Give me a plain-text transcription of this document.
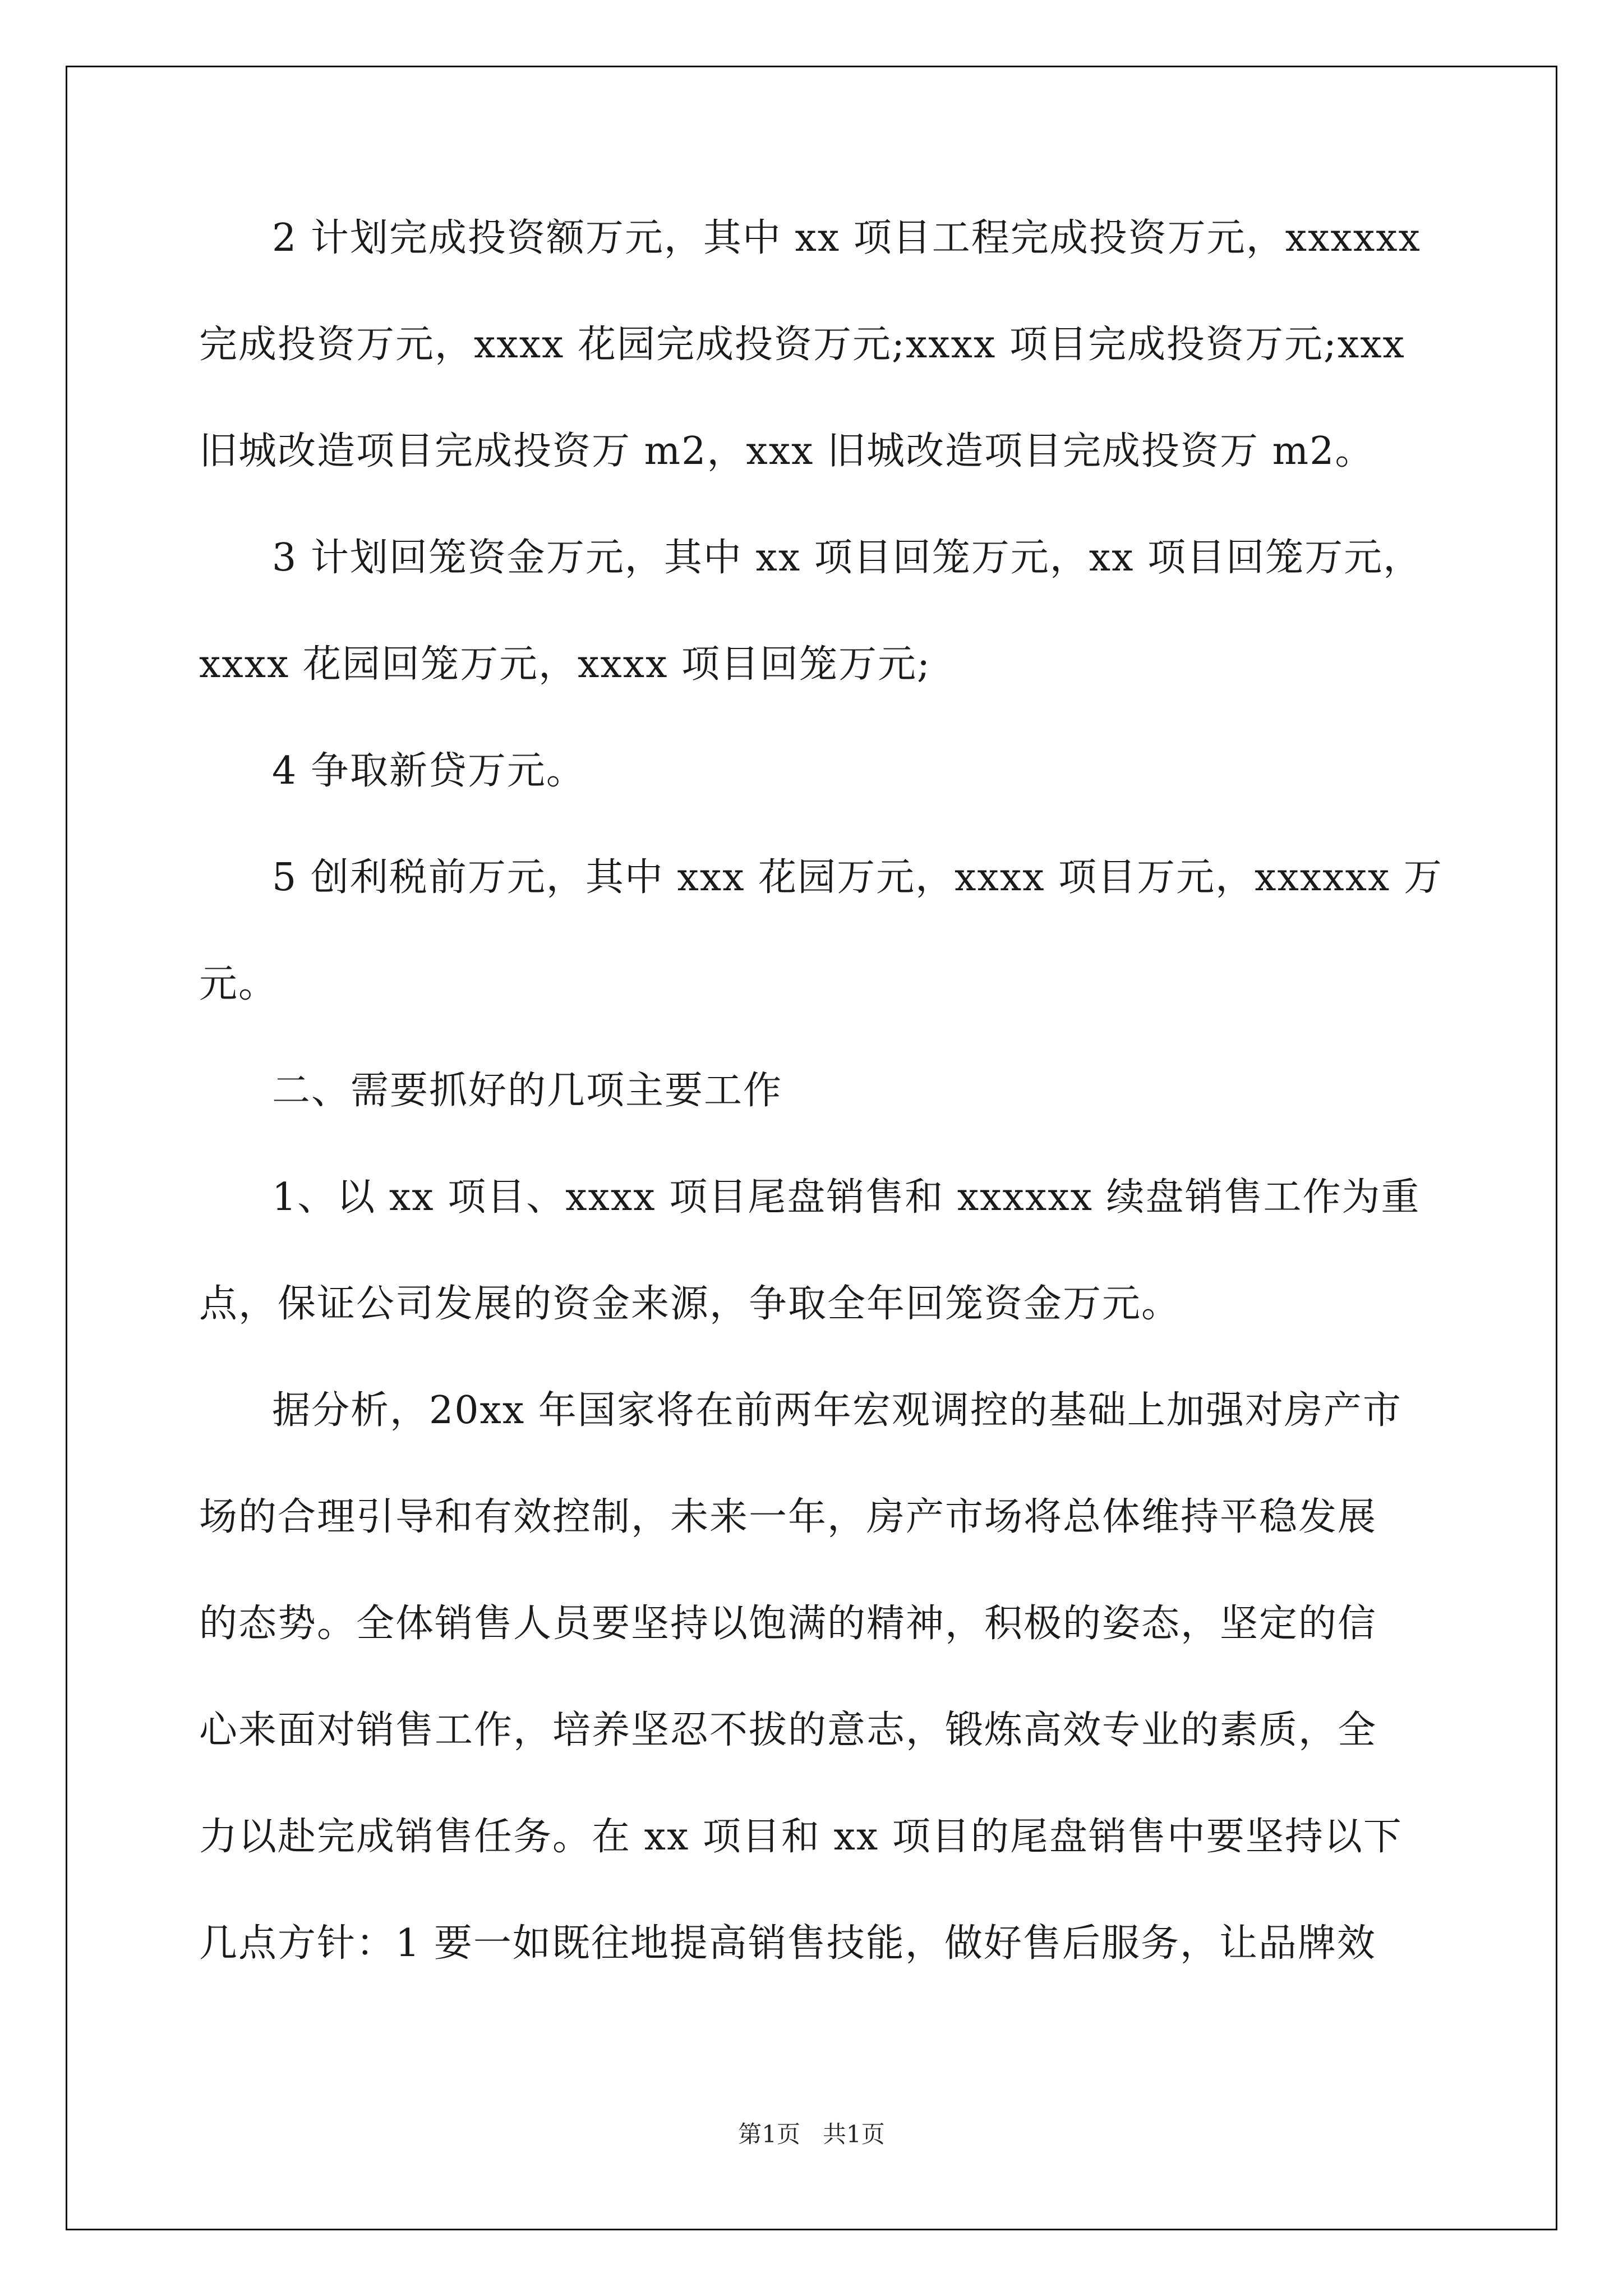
2 计划完成投资额万元，其中 xx 项目工程完成投资万元，xxxxxx
完成投资万元，xxxx 花园完成投资万元;xxxx 项目完成投资万元;xxx
旧城改造项目完成投资万 m2，xxx 旧城改造项目完成投资万 m2。
3 计划回笼资金万元，其中 xx 项目回笼万元，xx 项目回笼万元，
xxxx 花园回笼万元，xxxx 项目回笼万元;
4 争取新贷万元。
5 创利税前万元，其中 xxx 花园万元，xxxx 项目万元，xxxxxx 万
元。
二、需要抓好的几项主要工作
1、以 xx 项目、xxxx 项目尾盘销售和 xxxxxx 续盘销售工作为重
点，保证公司发展的资金来源，争取全年回笼资金万元。
据分析，20xx 年国家将在前两年宏观调控的基础上加强对房产市
场的合理引导和有效控制，未来一年，房产市场将总体维持平稳发展
的态势。全体销售人员要坚持以饱满的精神，积极的姿态，坚定的信
心来面对销售工作，培养坚忍不拔的意志，锻炼高效专业的素质，全
力以赴完成销售任务。在 xx 项目和 xx 项目的尾盘销售中要坚持以下
几点方针：1 要一如既往地提高销售技能，做好售后服务，让品牌效
第1页   共1页
